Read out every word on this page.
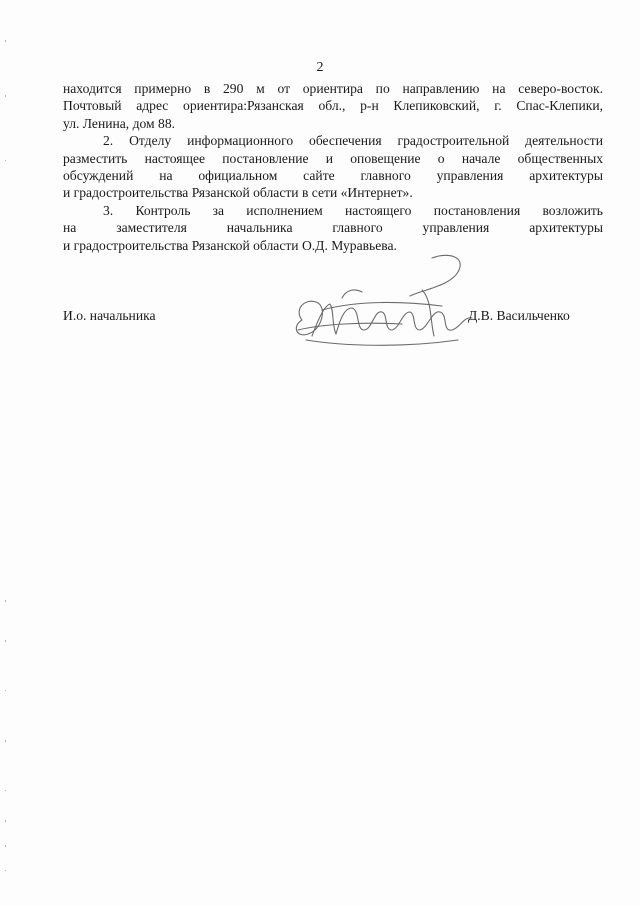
2
находится примерно в 290 м от ориентира по направлению на северо-восток.
Почтовый адрес ориентира:Рязанская обл., р-н Клепиковский, г. Спас-Клепики,
ул. Ленина, дом 88.
2. Отделу информационного обеспечения градостроительной деятельности
разместить настоящее постановление и оповещение о начале общественных
обсуждений на официальном сайте главного управления архитектуры
и градостроительства Рязанской области в сети «Интернет».
3. Контроль за исполнением настоящего постановления возложить
на заместителя начальника главного управления архитектуры
и градостроительства Рязанской области О.Д. Муравьева.
И.о. начальника	Д.В. Васильченко
